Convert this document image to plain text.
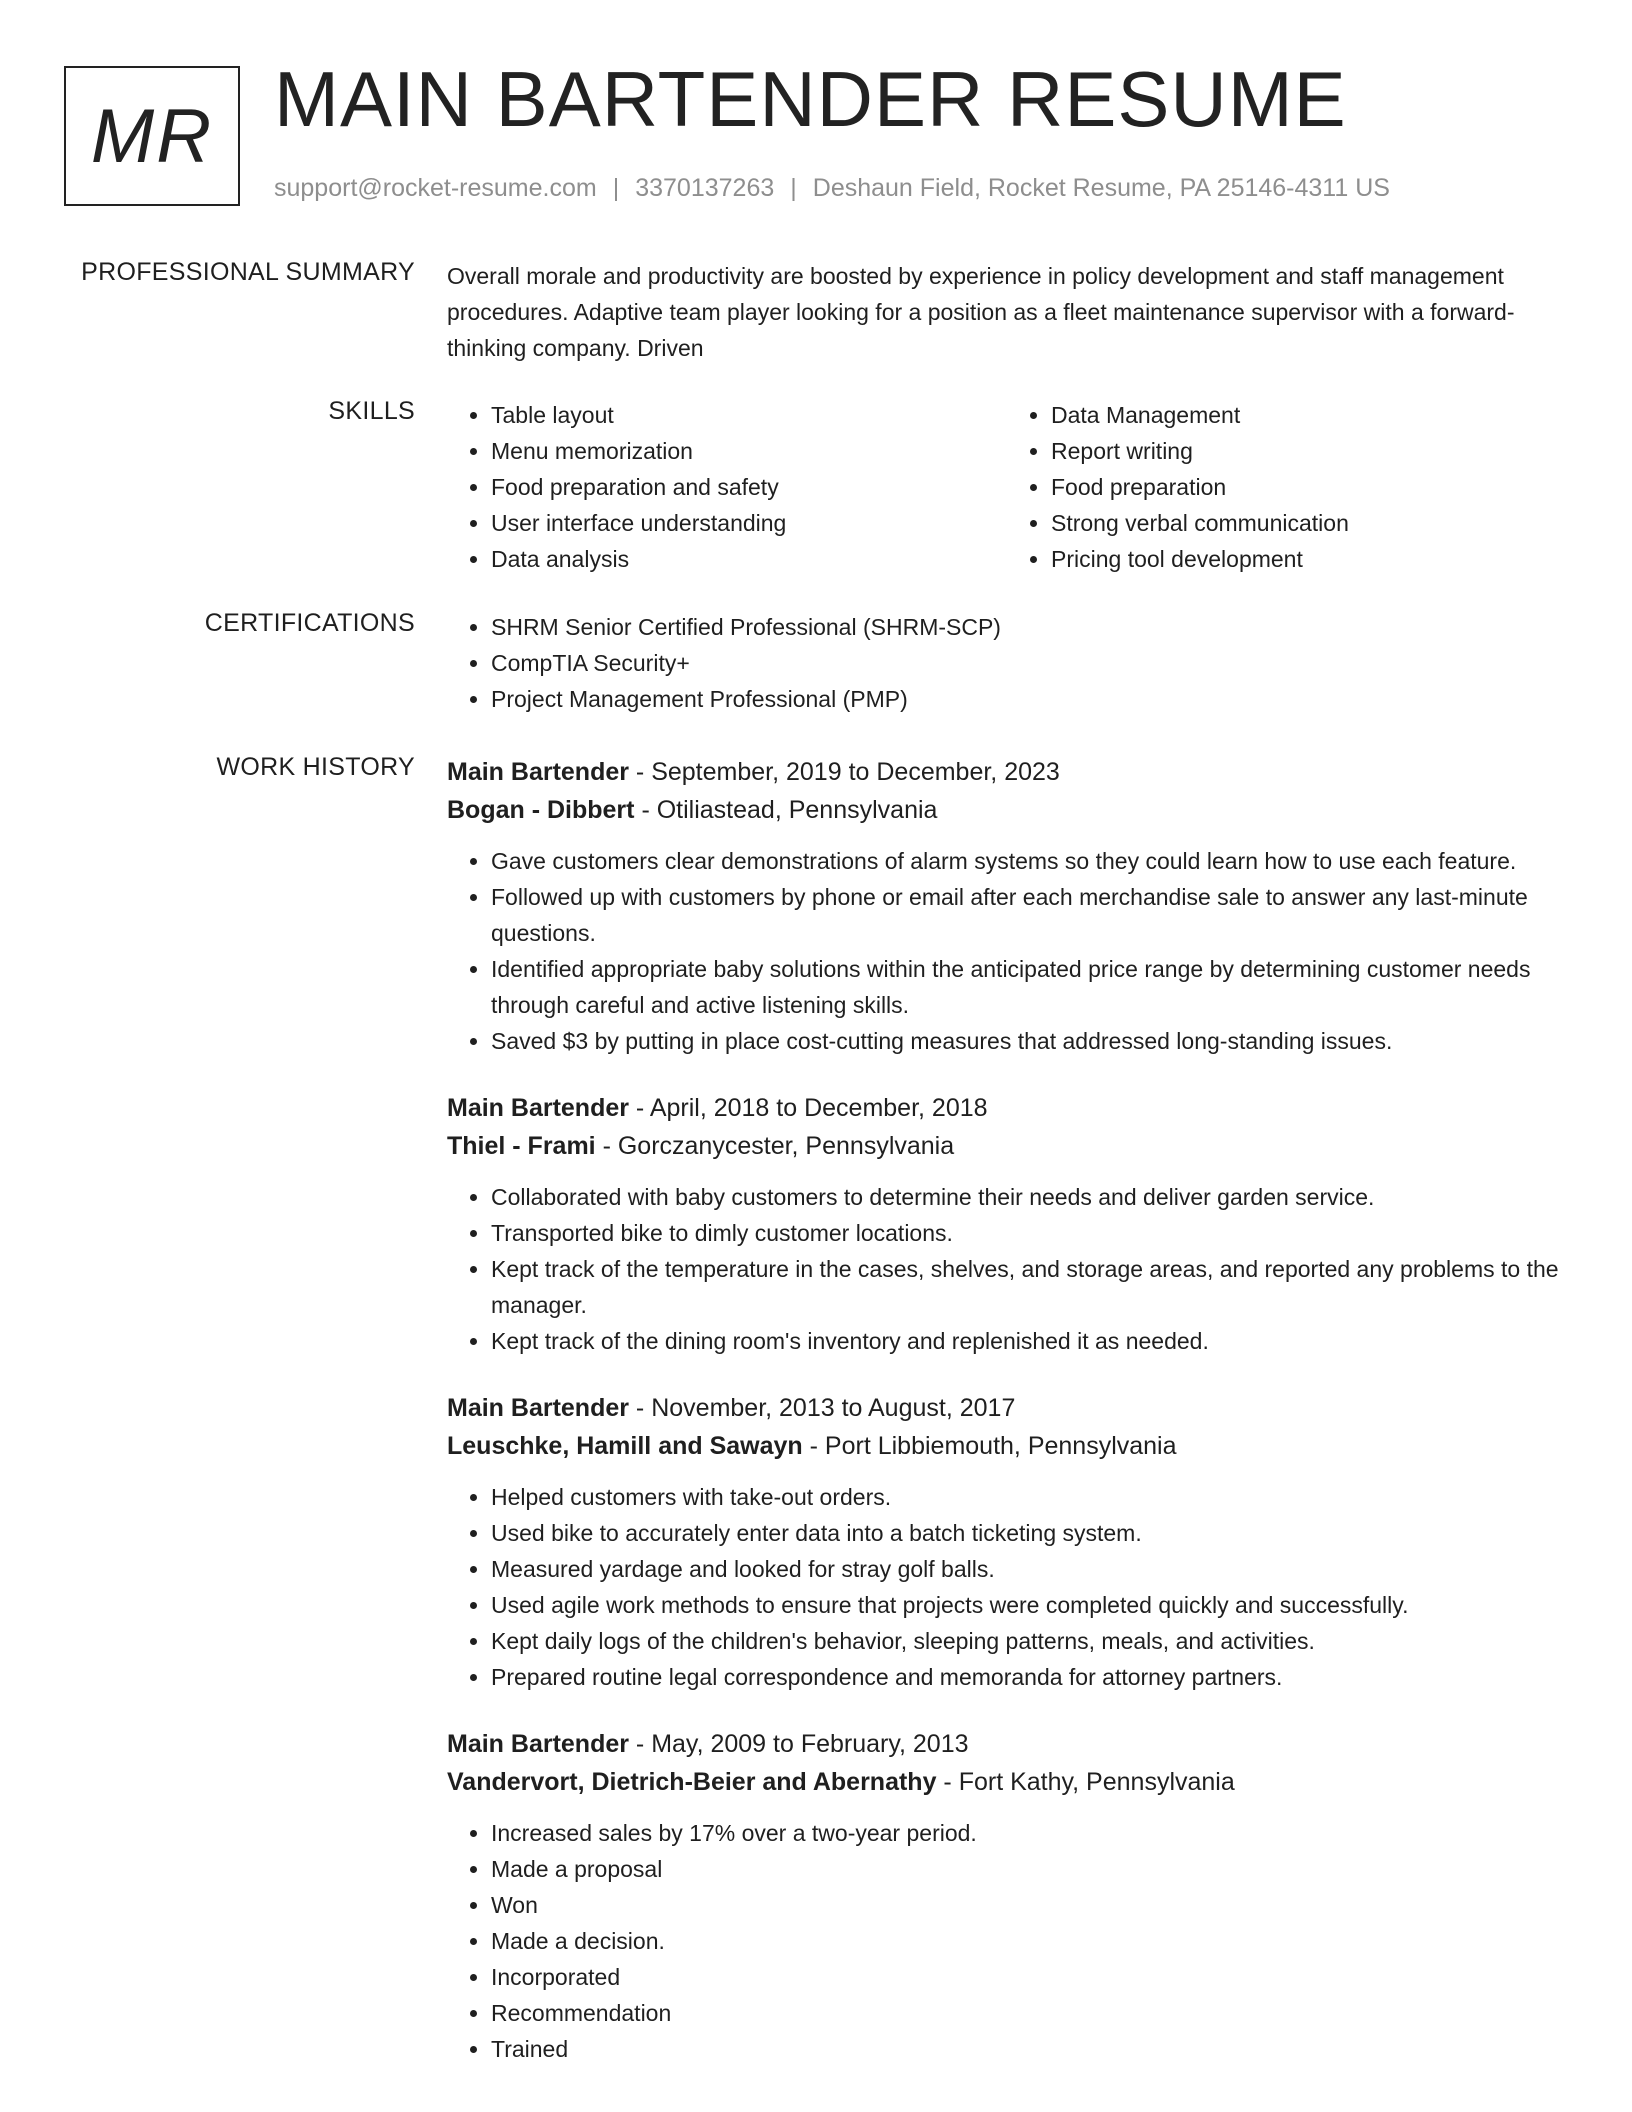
MR MAIN BARTENDER RESUME
support@rocket-resume.com | 3370137263 | Deshaun Field, Rocket Resume, PA 25146-4311 US
PROFESSIONAL SUMMARY Overall morale and productivity are boosted by experience in policy development and staff management procedures. Adaptive team player looking for a position as a fleet maintenance supervisor with a forward-thinking company. Driven

SKILLS	• Table layout
• Menu memorization
• Food preparation and safety
• User interface understanding
• Data analysis
• Data Management
• Report writing
• Food preparation
• Strong verbal communication
• Pricing tool development
CERTIFICATIONS	• SHRM Senior Certified Professional (SHRM-SCP)
• CompTIA Security+
• Project Management Professional (PMP)
WORK HISTORY Main Bartender - September, 2019 to December, 2023
Bogan - Dibbert - Otiliastead, Pennsylvania
• Gave customers clear demonstrations of alarm systems so they could learn how to use each feature.
• Followed up with customers by phone or email after each merchandise sale to answer any last-minute questions.
• Identified appropriate baby solutions within the anticipated price range by determining customer needs through careful and active listening skills.
• Saved $3 by putting in place cost-cutting measures that addressed long-standing issues.
Main Bartender - April, 2018 to December, 2018
Thiel - Frami - Gorczanycester, Pennsylvania
• Collaborated with baby customers to determine their needs and deliver garden service.
• Transported bike to dimly customer locations.
• Kept track of the temperature in the cases, shelves, and storage areas, and reported any problems to the manager.
• Kept track of the dining room's inventory and replenished it as needed.
Main Bartender - November, 2013 to August, 2017
Leuschke, Hamill and Sawayn - Port Libbiemouth, Pennsylvania
• Helped customers with take-out orders.
• Used bike to accurately enter data into a batch ticketing system.
• Measured yardage and looked for stray golf balls.
• Used agile work methods to ensure that projects were completed quickly and successfully.
• Kept daily logs of the children's behavior, sleeping patterns, meals, and activities.
• Prepared routine legal correspondence and memoranda for attorney partners.
Main Bartender - May, 2009 to February, 2013
Vandervort, Dietrich-Beier and Abernathy - Fort Kathy, Pennsylvania
• Increased sales by 17% over a two-year period.
• Made a proposal
• Won
• Made a decision.
• Incorporated
• Recommendation
• Trained
